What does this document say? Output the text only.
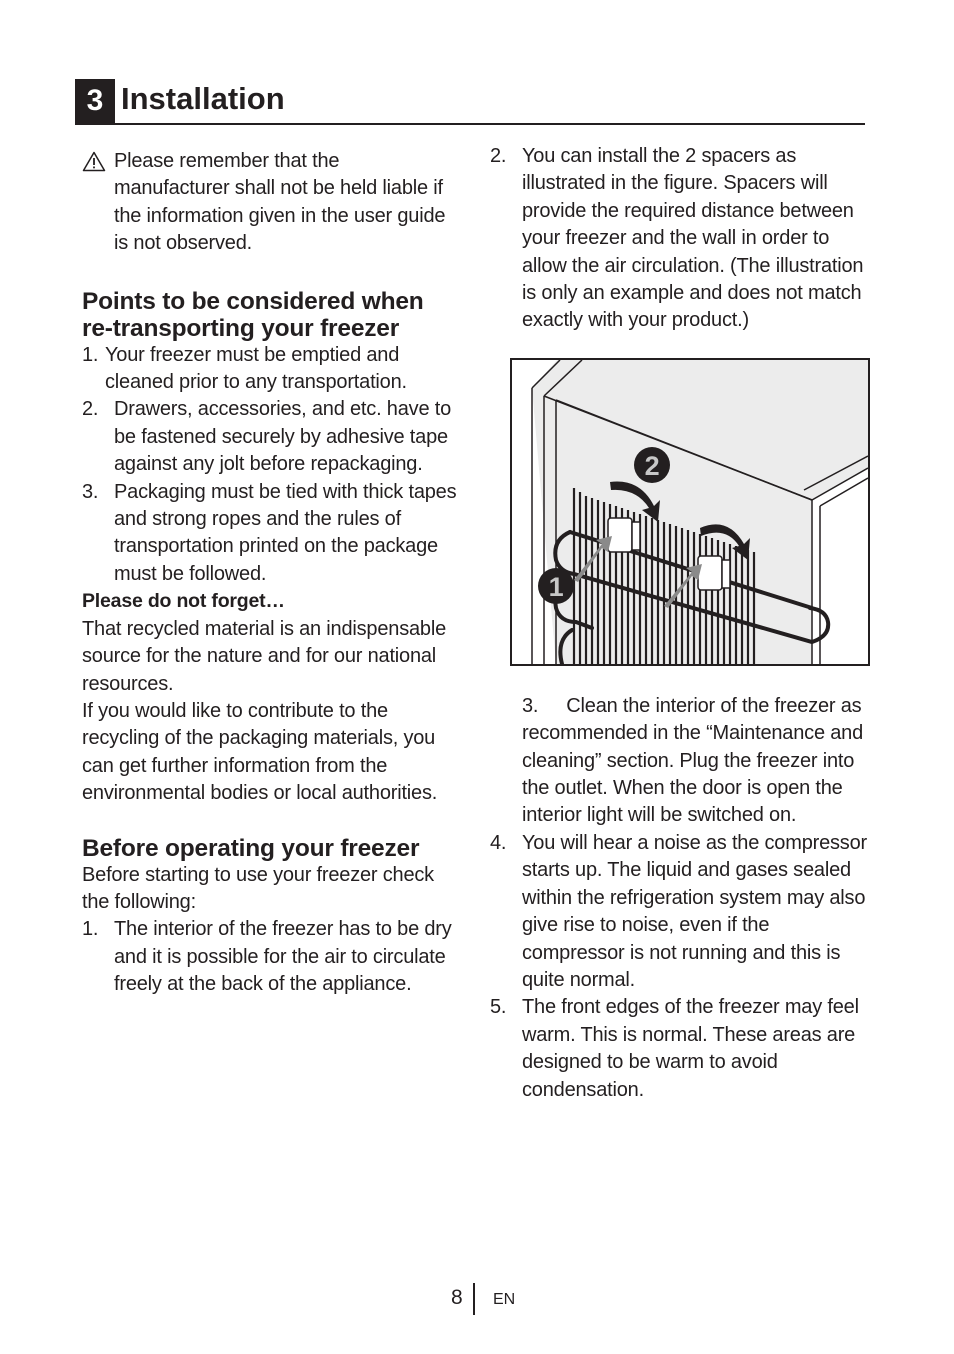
3 Installation

Please remember that the manufacturer shall not be held liable if the information given in the user guide is not observed.

Points to be considered when re-transporting your freezer
1. Your freezer must be emptied and cleaned prior to any transportation.
2. Drawers, accessories, and etc. have to be fastened securely by adhesive tape against any jolt before repackaging.
3. Packaging must be tied with thick tapes and strong ropes and the rules of transportation printed on the package must be followed.
Please do not forget…

That recycled material is an indispensable source for the nature and for our national resources.

If you would like to contribute to the recycling of the packaging materials, you can get further information from the environmental bodies or local authorities.

Before operating your freezer

Before starting to use your freezer check the following:

1. The interior of the freezer has to be dry and it is possible for the air to circulate freely at the back of the appliance.
2. You can install the 2 spacers as illustrated in the figure. Spacers will provide the required distance between your freezer and the wall in order to allow the air circulation. (The illustration is only an example and does not match exactly with your product.)
1
2

3. Clean the interior of the freezer as recommended in the “Maintenance and cleaning” section. Plug the freezer into the outlet. When the door is open the interior light will be switched on.

4. You will hear a noise as the compressor starts up. The liquid and gases sealed within the refrigeration system may also give rise to noise, even if the compressor is not running and this is quite normal.
5. The front edges of the freezer may feel warm. This is normal. These areas are designed to be warm to avoid condensation.
8 EN
